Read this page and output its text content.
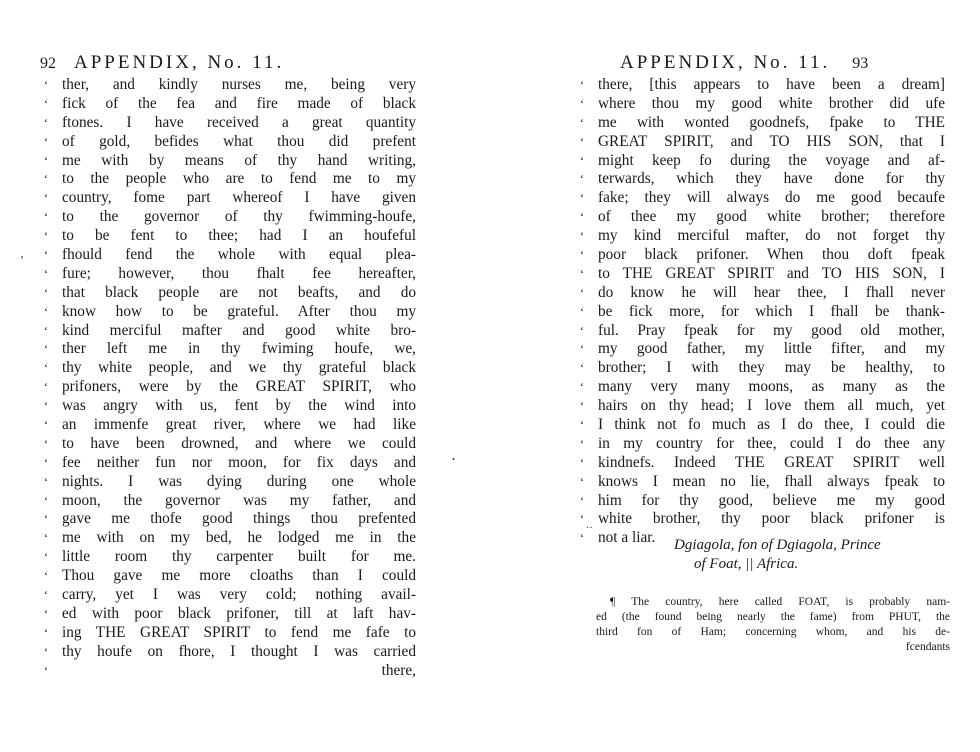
92 APPENDIX, No. 11.
‘ ther, and kindly nurses me, being very
‘ fick of the fea and fire made of black
‘ ftones. I have received a great quantity
‘ of gold, befides what thou did prefent
‘ me with by means of thy hand writing,
‘ to the people who are to fend me to my
‘ country, fome part whereof I have given
‘ to the governor of thy fwimming-houfe,
‘ to be fent to thee; had I an houfeful
‘ fhould fend the whole with equal plea-
‘ fure; however, thou fhalt fee hereafter,
‘ that black people are not beafts, and do
‘ know how to be grateful. After thou my
‘ kind merciful mafter and good white bro-
‘ ther left me in thy fwiming houfe, we,
‘ thy white people, and we thy grateful black
‘ prifoners, were by the GREAT SPIRIT, who
‘ was angry with us, fent by the wind into
‘ an immenfe great river, where we had like
‘ to have been drowned, and where we could
‘ fee neither fun nor moon, for fix days and
‘ nights. I was dying during one whole
‘ moon, the governor was my father, and
‘ gave me thofe good things thou prefented
‘ me with on my bed, he lodged me in the
‘ little room thy carpenter built for me.
‘ Thou gave me more cloaths than I could
‘ carry, yet I was very cold; nothing avail-
‘ ed with poor black prifoner, till at laft hav-
‘ ing THE GREAT SPIRIT to fend me fafe to
‘ thy houfe on fhore, I thought I was carried
‘	there,
APPENDIX, No. 11. 93
‘ there, [this appears to have been a dream]
‘ where thou my good white brother did ufe
‘ me with wonted goodnefs, fpake to THE
‘ GREAT SPIRIT, and TO HIS SON, that I
‘ might keep fo during the voyage and af-
‘ terwards, which they have done for thy
‘ fake; they will always do me good becaufe
‘ of thee my good white brother; therefore
‘ my kind merciful mafter, do not forget thy
‘ poor black prifoner. When thou doft fpeak
‘ to THE GREAT SPIRIT and TO HIS SON, I
‘ do know he will hear thee, I fhall never
‘ be fick more, for which I fhall be thank-
‘ ful. Pray fpeak for my good old mother,
‘ my good father, my little fifter, and my
‘ brother; I with they may be healthy, to
‘ many very many moons, as many as the
‘ hairs on thy head; I love them all much, yet
‘ I think not fo much as I do thee, I could die
‘ in my country for thee, could I do thee any
‘ kindnefs. Indeed THE GREAT SPIRIT well
‘ knows I mean no lie, fhall always fpeak to
‘ him for thy good, believe me my good
‘ white brother, thy poor black prifoner is
‘ not a liar.	Dgiagola, fon of Dgiagola, Prince
of Foat, || Africa.
¶ The country, here called FOAT, is probably nam-
ed (the found being nearly the fame) from PHUT, the
third fon of Ham; concerning whom, and his de-
fcendants
‚
•
‥
